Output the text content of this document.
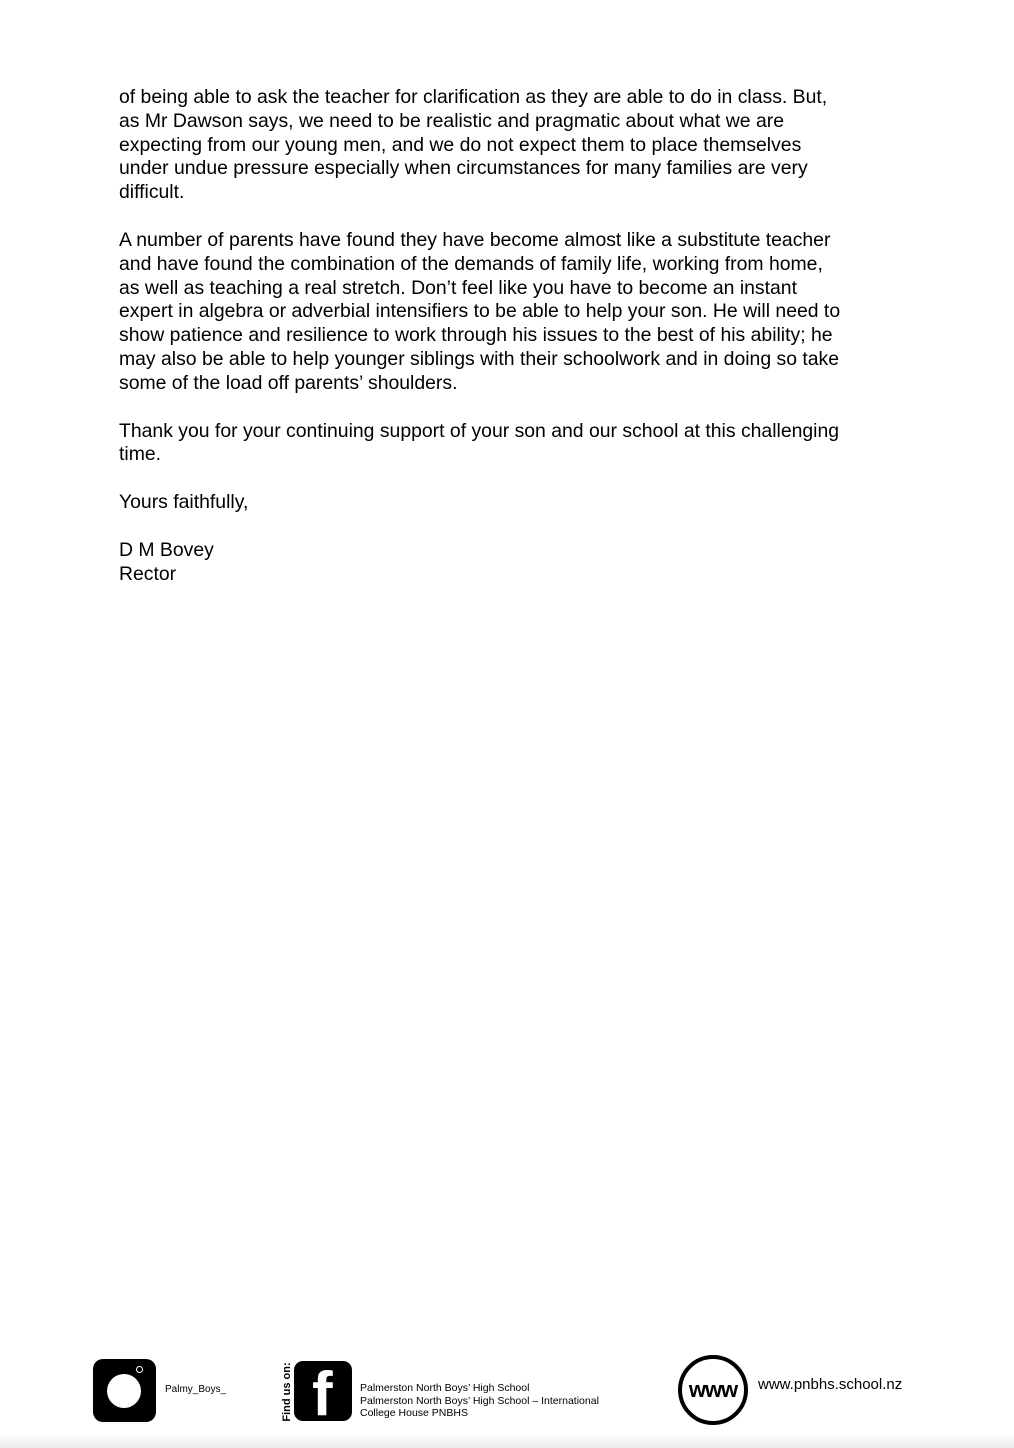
of being able to ask the teacher for clarification as they are able to do in class. But,
as Mr Dawson says, we need to be realistic and pragmatic about what we are
expecting from our young men, and we do not expect them to place themselves
under undue pressure especially when circumstances for many families are very
difficult.

A number of parents have found they have become almost like a substitute teacher
and have found the combination of the demands of family life, working from home,
as well as teaching a real stretch. Don’t feel like you have to become an instant
expert in algebra or adverbial intensifiers to be able to help your son. He will need to
show patience and resilience to work through his issues to the best of his ability; he
may also be able to help younger siblings with their schoolwork and in doing so take
some of the load off parents’ shoulders.

Thank you for your continuing support of your son and our school at this challenging
time.

Yours faithfully,

D M Bovey
Rector
Palmy_Boys_	Find us on: f	Palmerston North Boys’ High School
Palmerston North Boys’ High School – International
College House PNBHS
www	www.pnbhs.school.nz
